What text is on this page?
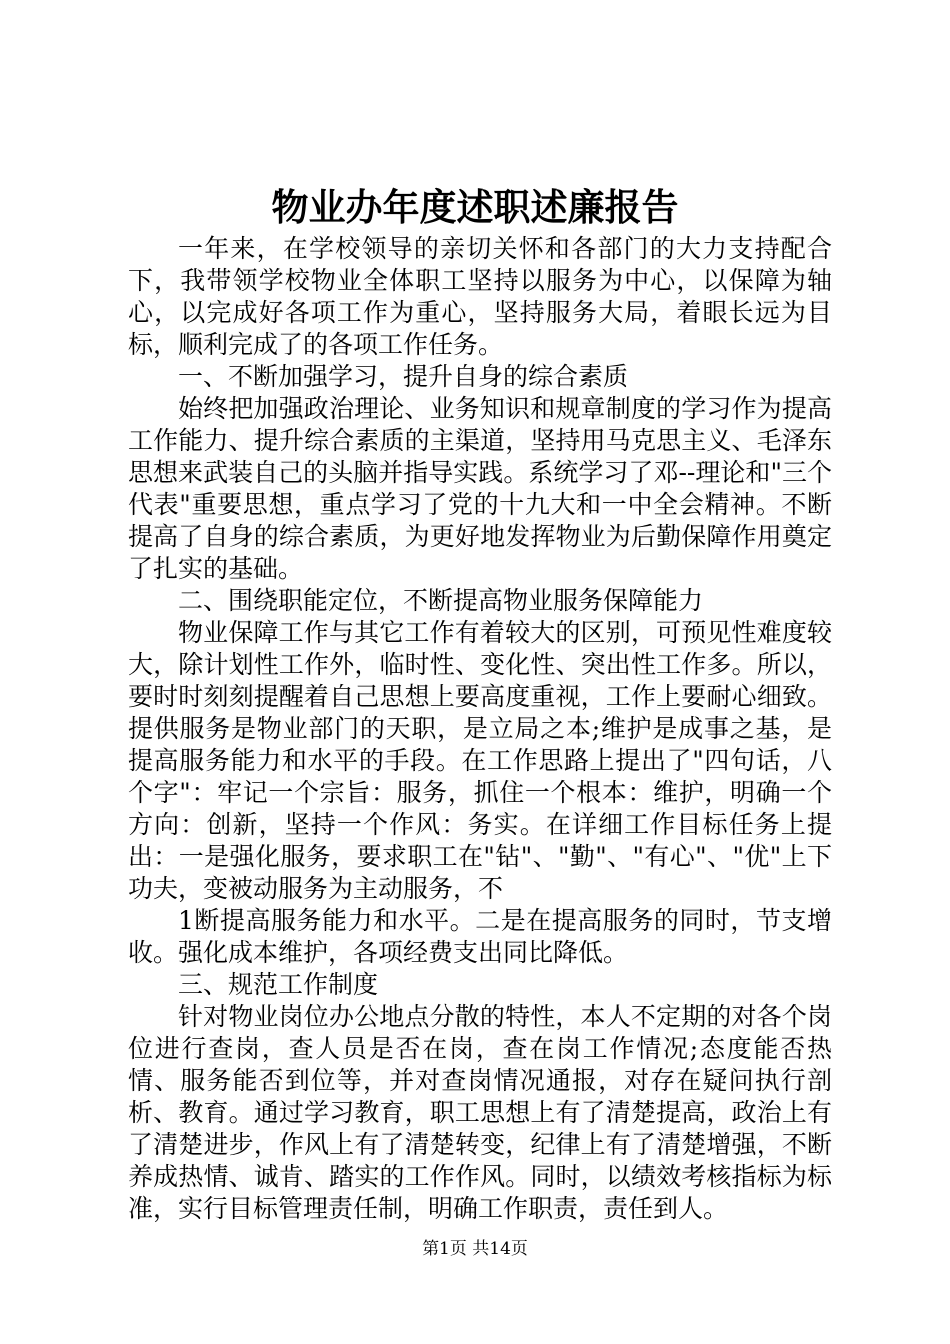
物业办年度述职述廉报告

一年来，在学校领导的亲切关怀和各部门的大力支持配合下，我带领学校物业全体职工坚持以服务为中心，以保障为轴心，以完成好各项工作为重心，坚持服务大局，着眼长远为目标，顺利完成了的各项工作任务。

一、不断加强学习，提升自身的综合素质

始终把加强政治理论、业务知识和规章制度的学习作为提高工作能力、提升综合素质的主渠道，坚持用马克思主义、毛泽东思想来武装自己的头脑并指导实践。系统学习了邓--理论和"三个代表"重要思想，重点学习了党的十九大和一中全会精神。不断提高了自身的综合素质，为更好地发挥物业为后勤保障作用奠定了扎实的基础。

二、围绕职能定位，不断提高物业服务保障能力

物业保障工作与其它工作有着较大的区别，可预见性难度较大，除计划性工作外，临时性、变化性、突出性工作多。所以，要时时刻刻提醒着自己思想上要高度重视，工作上要耐心细致。提供服务是物业部门的天职，是立局之本;维护是成事之基，是提高服务能力和水平的手段。在工作思路上提出了"四句话，八个字"：牢记一个宗旨：服务，抓住一个根本：维护，明确一个方向：创新，坚持一个作风：务实。在详细工作目标任务上提出：一是强化服务，要求职工在"钻"、"勤"、"有心"、"优"上下功夫，变被动服务为主动服务，不

1断提高服务能力和水平。二是在提高服务的同时，节支增收。强化成本维护，各项经费支出同比降低。

三、规范工作制度

针对物业岗位办公地点分散的特性，本人不定期的对各个岗位进行查岗，查人员是否在岗，查在岗工作情况;态度能否热情、服务能否到位等，并对查岗情况通报，对存在疑问执行剖析、教育。通过学习教育，职工思想上有了清楚提高，政治上有了清楚进步，作风上有了清楚转变，纪律上有了清楚增强，不断养成热情、诚肯、踏实的工作作风。同时，以绩效考核指标为标准，实行目标管理责任制，明确工作职责，责任到人。

第1页 共14页
